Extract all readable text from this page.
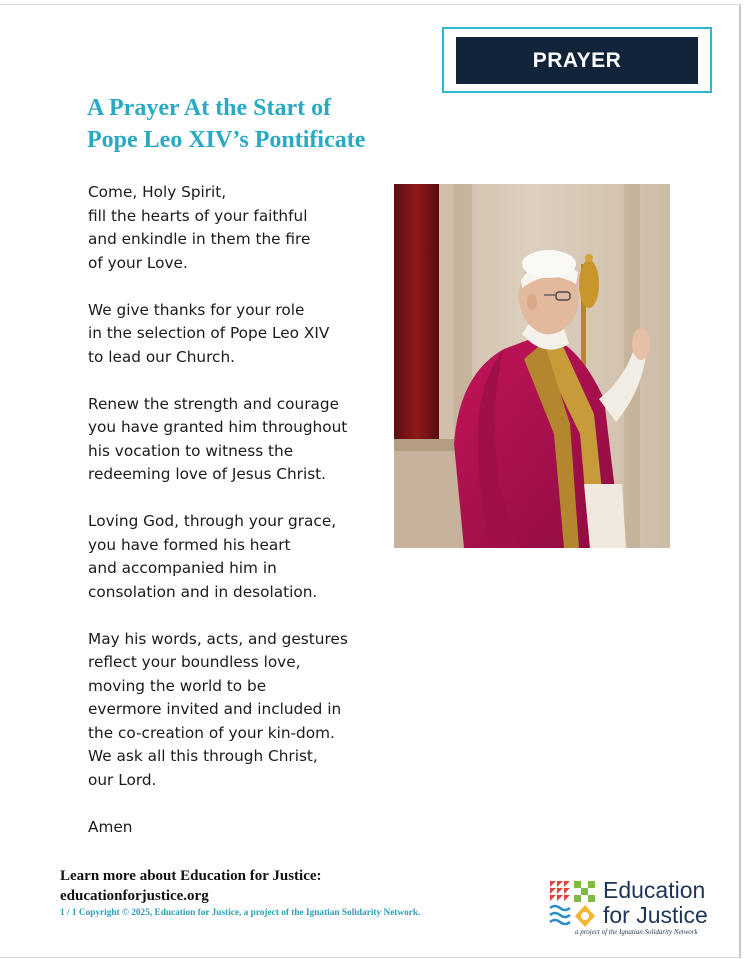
PRAYER
A Prayer At the Start of
Pope Leo XIV’s Pontificate
Come, Holy Spirit,
fill the hearts of your faithful
and enkindle in them the fire
of your Love.
We give thanks for your role
in the selection of Pope Leo XIV
to lead our Church.
Renew the strength and courage
you have granted him throughout
his vocation to witness the
redeeming love of Jesus Christ.
Loving God, through your grace,
you have formed his heart
and accompanied him in
consolation and in desolation.
May his words, acts, and gestures
reflect your boundless love,
moving the world to be
evermore invited and included in
the co-creation of your kin-dom.
We ask all this through Christ,
our Lord.
Amen
Learn more about Education for Justice:
educationforjustice.org
1 / 1 Copyright © 2025, Education for Justice, a project of the Ignatian Solidarity Network.
Education
for Justice
a project of the Ignatian Solidarity Network
